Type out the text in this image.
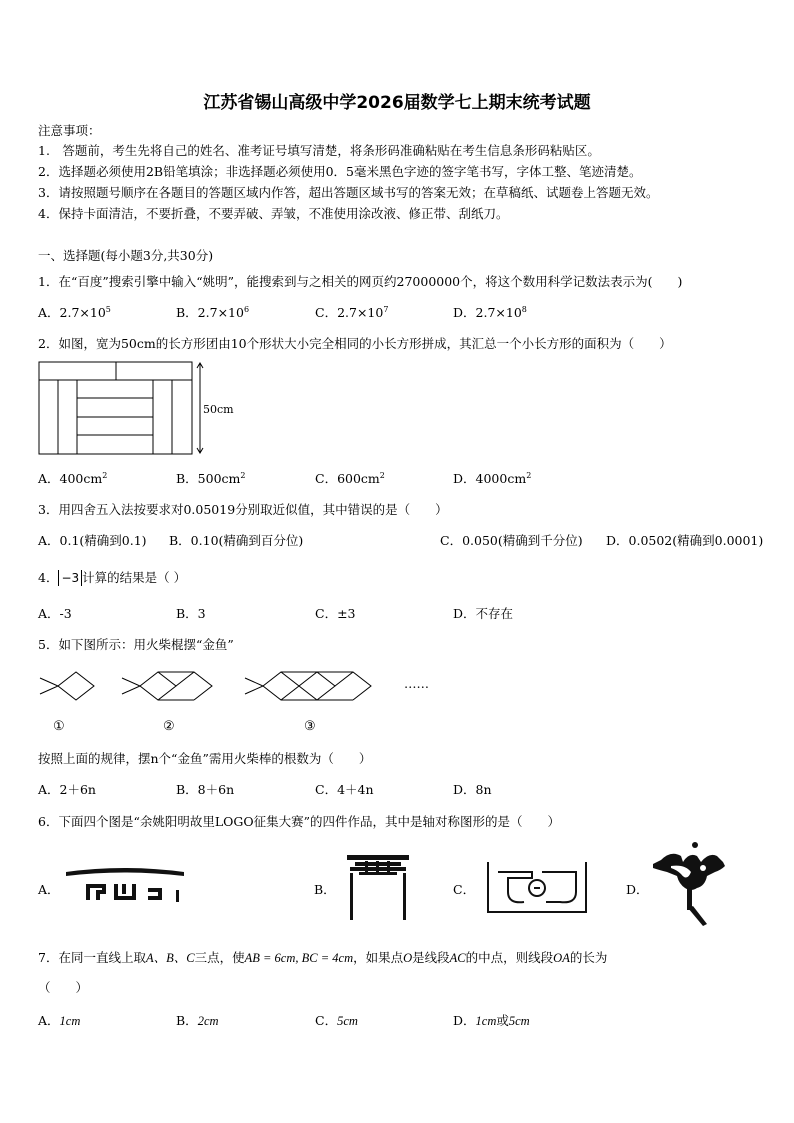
江苏省锡山高级中学2026届数学七上期末统考试题
注意事项：
1.　答题前，考生先将自己的姓名、准考证号填写清楚，将条形码准确粘贴在考生信息条形码粘贴区。
2．选择题必须使用2B铅笔填涂；非选择题必须使用0．5毫米黑色字迹的签字笔书写，字体工整、笔迹清楚。
3．请按照题号顺序在各题目的答题区域内作答，超出答题区域书写的答案无效；在草稿纸、试题卷上答题无效。
4．保持卡面清洁，不要折叠，不要弄破、弄皱，不准使用涂改液、修正带、刮纸刀。
一、选择题(每小题3分,共30分)
1．在“百度”搜索引擎中输入“姚明”，能搜索到与之相关的网页约27000000个，将这个数用科学记数法表示为(　　)
A．$2.7\times 10^5$	B．$2.7\times 10^6$	C．$2.7\times 10^7$	D．$2.7\times 10^8$
2．如图，宽为50cm的长方形团由10个形状大小完全相同的小长方形拼成，其汇总一个小长方形的面积为（　　）
50cm
A．$400cm^2$	B．$500cm^2$	C．$600cm^2$	D．$4000cm^2$
3．用四舍五入法按要求对0.05019分别取近似值，其中错误的是（　　）
A．0.1(精确到0.1) B．0.10(精确到百分位)	C．0.050(精确到千分位) D．0.0502(精确到0.0001)
4． −3 计算的结果是（ ）
A．-3	B．3	C．±3	D．不存在
5．如下图所示：用火柴棍摆“金鱼”
……
①	②	③
按照上面的规律，摆n个“金鱼”需用火柴棒的根数为（　　）
A．2＋6n	B．8＋6n	C．4＋4n	D．8n
6．下面四个图是“余姚阳明故里LOGO征集大赛”的四件作品，其中是轴对称图形的是（　　）
A．	B．	C．	D．
7．在同一直线上取A、B、C三点，使AB = 6cm, BC = 4cm，如果点O是线段AC的中点，则线段OA的长为
（　　）
A．1cm	B．2cm	C．5cm	D．1cm或5cm
